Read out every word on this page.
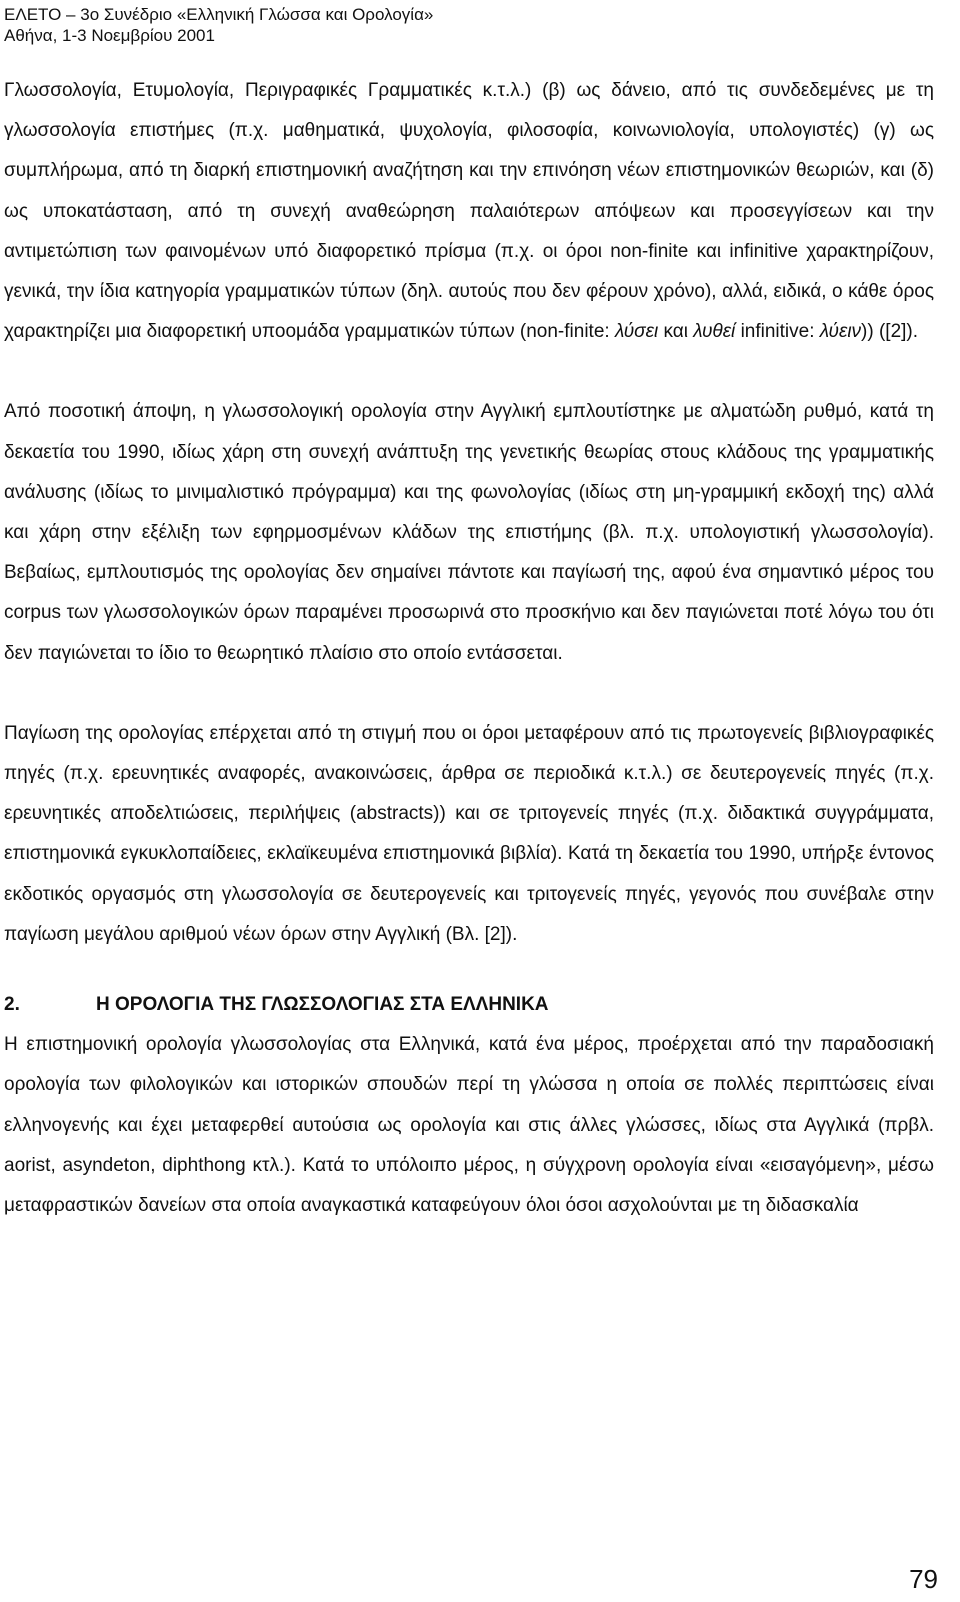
ΕΛΕΤΟ – 3ο Συνέδριο «Ελληνική Γλώσσα και Ορολογία»
Αθήνα, 1-3 Νοεμβρίου 2001

Γλωσσολογία, Ετυμολογία, Περιγραφικές Γραμματικές κ.τ.λ.) (β) ως δάνειο, από τις συνδεδεμένες με τη γλωσσολογία επιστήμες (π.χ. μαθηματικά, ψυχολογία, φιλοσοφία, κοινωνιολογία, υπολογιστές) (γ) ως συμπλήρωμα, από τη διαρκή επιστημονική αναζήτηση και την επινόηση νέων επιστημονικών θεωριών, και (δ) ως υποκατάσταση, από τη συνεχή αναθεώρηση παλαιότερων απόψεων και προσεγγίσεων και την αντιμετώπιση των φαινομένων υπό διαφορετικό πρίσμα (π.χ. οι όροι non-finite και infinitive χαρακτηρίζουν, γενικά, την ίδια κατηγορία γραμματικών τύπων (δηλ. αυτούς που δεν φέρουν χρόνο), αλλά, ειδικά, ο κάθε όρος χαρακτηρίζει μια διαφορετική υποομάδα γραμματικών τύπων (non-finite: λύσει και λυθεί infinitive: λύειν)) ([2]).

Από ποσοτική άποψη, η γλωσσολογική ορολογία στην Αγγλική εμπλουτίστηκε με αλματώδη ρυθμό, κατά τη δεκαετία του 1990, ιδίως χάρη στη συνεχή ανάπτυξη της γενετικής θεωρίας στους κλάδους της γραμματικής ανάλυσης (ιδίως το μινιμαλιστικό πρόγραμμα) και της φωνολογίας (ιδίως στη μη-γραμμική εκδοχή της) αλλά και χάρη στην εξέλιξη των εφηρμοσμένων κλάδων της επιστήμης (βλ. π.χ. υπολογιστική γλωσσολογία). Βεβαίως, εμπλουτισμός της ορολογίας δεν σημαίνει πάντοτε και παγίωσή της, αφού ένα σημαντικό μέρος του corpus των γλωσσολογικών όρων παραμένει προσωρινά στο προσκήνιο και δεν παγιώνεται ποτέ λόγω του ότι δεν παγιώνεται το ίδιο το θεωρητικό πλαίσιο στο οποίο εντάσσεται.

Παγίωση της ορολογίας επέρχεται από τη στιγμή που οι όροι μεταφέρουν από τις πρωτογενείς βιβλιογραφικές πηγές (π.χ. ερευνητικές αναφορές, ανακοινώσεις, άρθρα σε περιοδικά κ.τ.λ.) σε δευτερογενείς πηγές (π.χ. ερευνητικές αποδελτιώσεις, περιλήψεις (abstracts)) και σε τριτογενείς πηγές (π.χ. διδακτικά συγγράμματα, επιστημονικά εγκυκλοπαίδειες, εκλαϊκευμένα επιστημονικά βιβλία). Κατά τη δεκαετία του 1990, υπήρξε έντονος εκδοτικός οργασμός στη γλωσσολογία σε δευτερογενείς και τριτογενείς πηγές, γεγονός που συνέβαλε στην παγίωση μεγάλου αριθμού νέων όρων στην Αγγλική (Βλ. [2]).

2.	Η ΟΡΟΛΟΓΙΑ ΤΗΣ ΓΛΩΣΣΟΛΟΓΙΑΣ ΣΤΑ ΕΛΛΗΝΙΚΑ

Η επιστημονική ορολογία γλωσσολογίας στα Ελληνικά, κατά ένα μέρος, προέρχεται από την παραδοσιακή ορολογία των φιλολογικών και ιστορικών σπουδών περί τη γλώσσα η οποία σε πολλές περιπτώσεις είναι ελληνογενής και έχει μεταφερθεί αυτούσια ως ορολογία και στις άλλες γλώσσες, ιδίως στα Αγγλικά (πρβλ. aorist, asyndeton, diphthong κτλ.). Κατά το υπόλοιπο μέρος, η σύγχρονη ορολογία είναι «εισαγόμενη», μέσω μεταφραστικών δανείων στα οποία αναγκαστικά καταφεύγουν όλοι όσοι ασχολούνται με τη διδασκαλία

79
